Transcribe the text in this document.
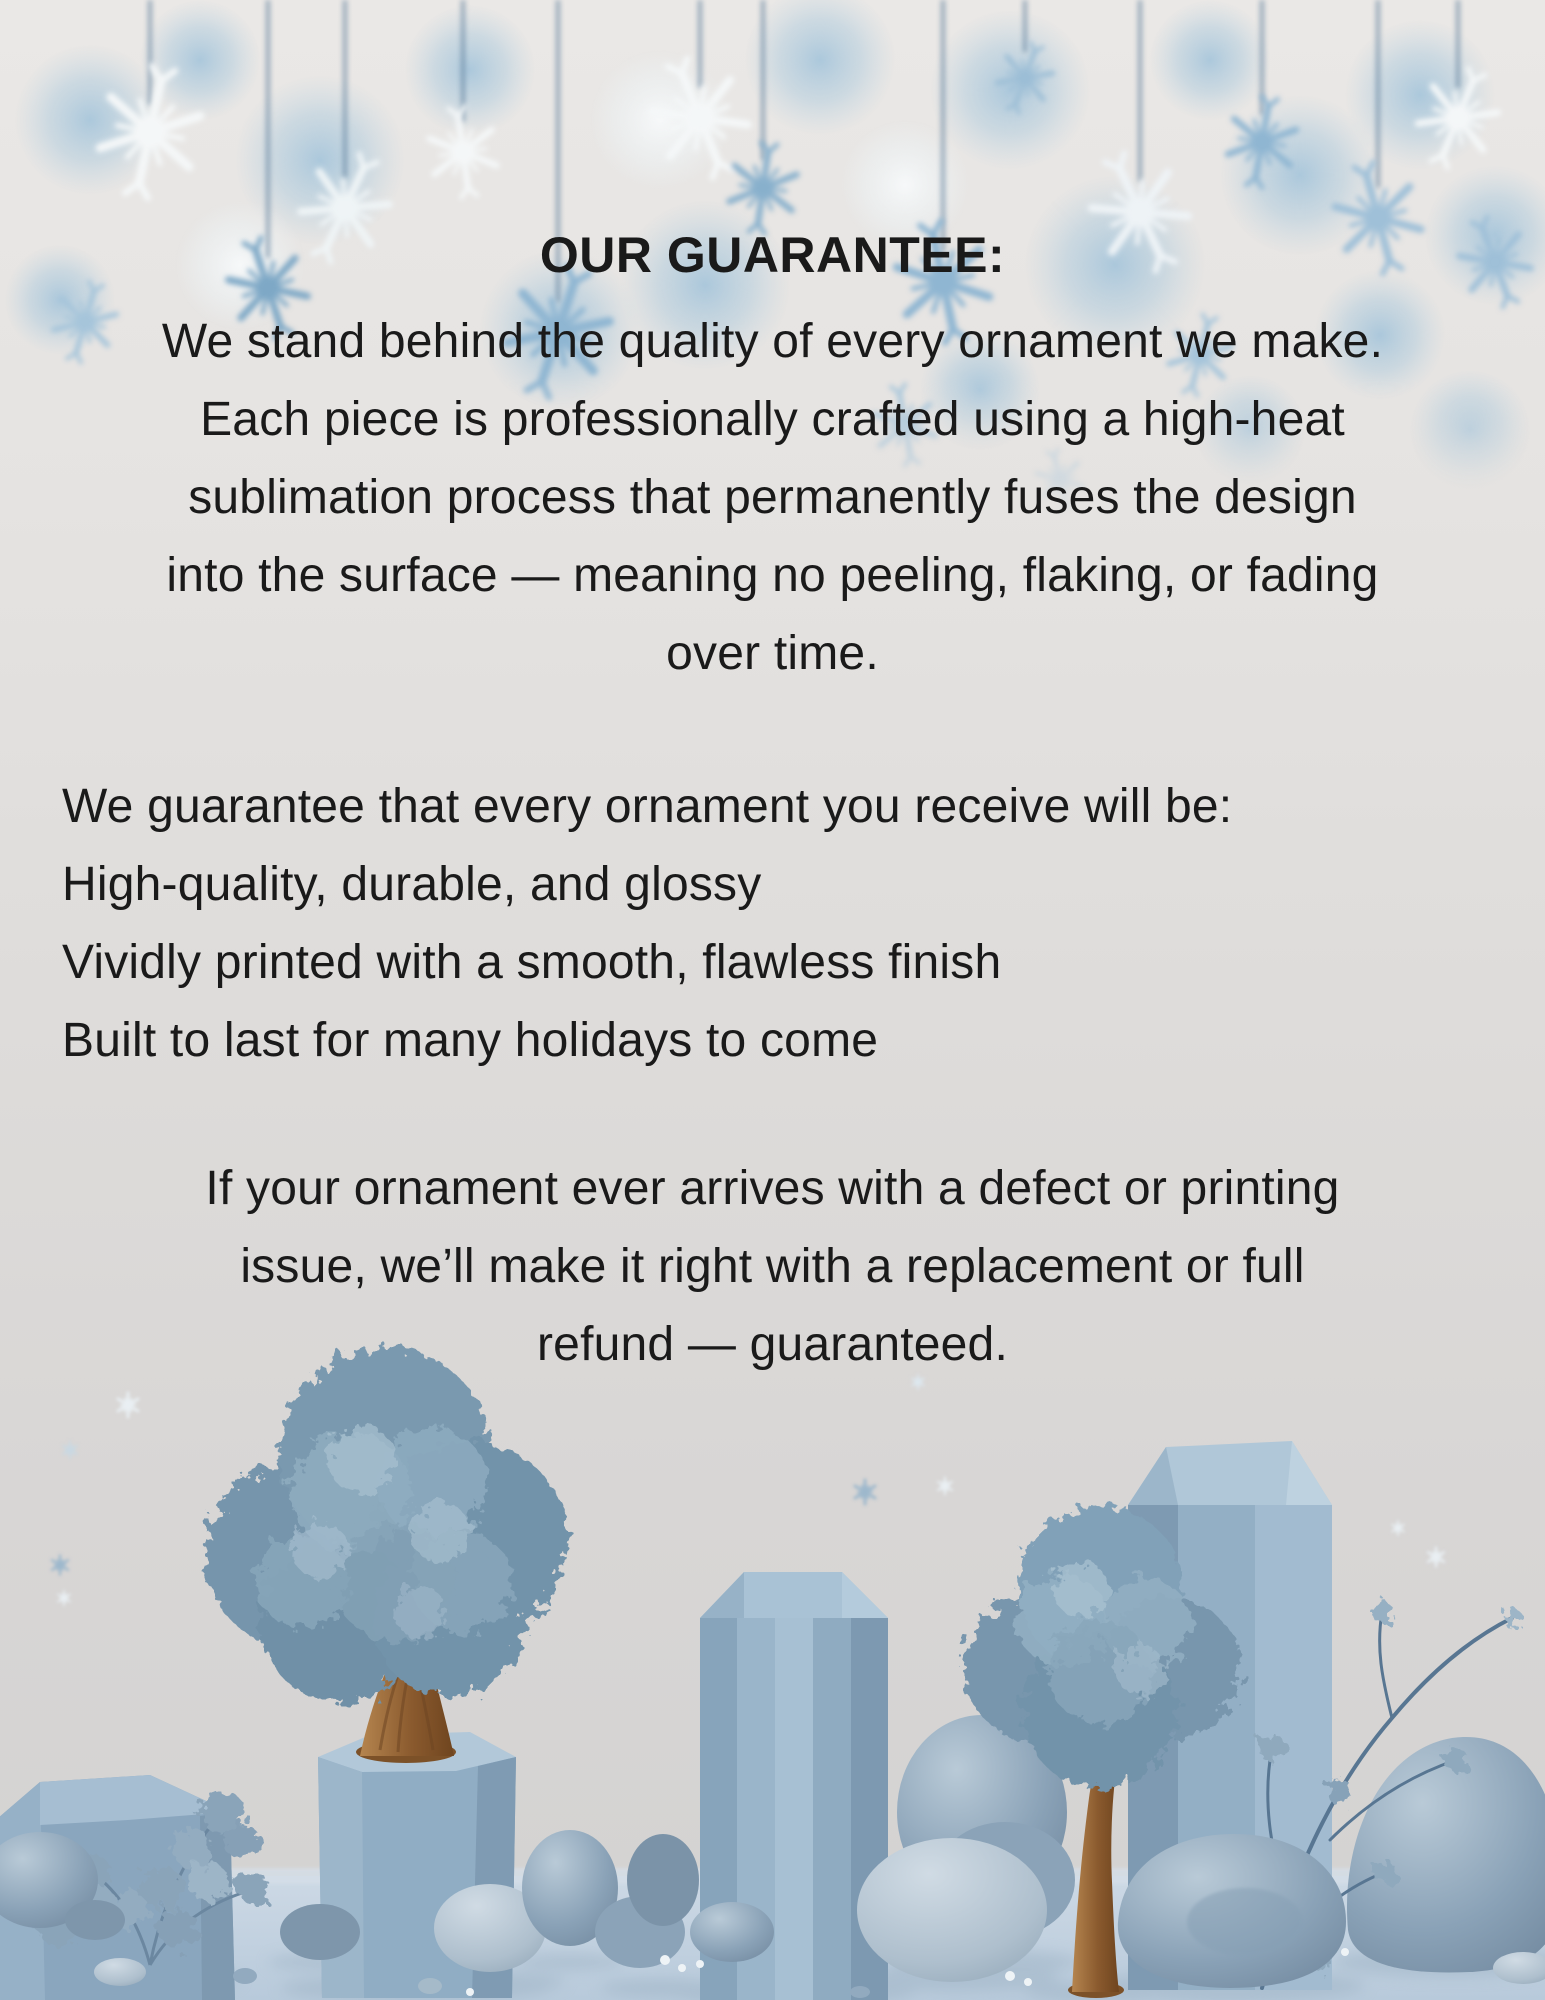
OUR GUARANTEE:
We stand behind the quality of every ornament we make.
Each piece is professionally crafted using a high-heat
sublimation process that permanently fuses the design
into the surface — meaning no peeling, flaking, or fading
over time.
We guarantee that every ornament you receive will be:
High-quality, durable, and glossy
Vividly printed with a smooth, flawless finish
Built to last for many holidays to come
If your ornament ever arrives with a defect or printing
issue, we’ll make it right with a replacement or full
refund — guaranteed.
